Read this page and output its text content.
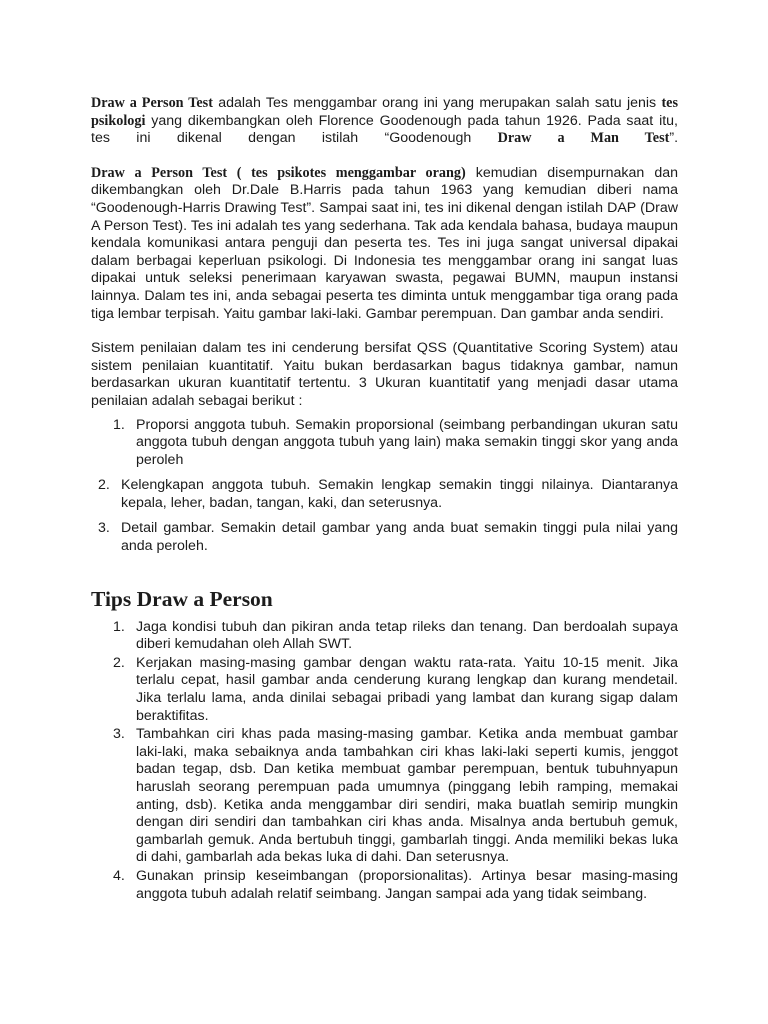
Draw a Person Test adalah Tes menggambar orang ini yang merupakan salah satu jenis tes psikologi yang dikembangkan oleh Florence Goodenough pada tahun 1926. Pada saat itu, tes ini dikenal dengan istilah “Goodenough Draw a Man Test”.

Draw a Person Test ( tes psikotes menggambar orang) kemudian disempurnakan dan dikembangkan oleh Dr.Dale B.Harris pada tahun 1963 yang kemudian diberi nama “Goodenough-Harris Drawing Test”. Sampai saat ini, tes ini dikenal dengan istilah DAP (Draw A Person Test). Tes ini adalah tes yang sederhana. Tak ada kendala bahasa, budaya maupun kendala komunikasi antara penguji dan peserta tes. Tes ini juga sangat universal dipakai dalam berbagai keperluan psikologi. Di Indonesia tes menggambar orang ini sangat luas dipakai untuk seleksi penerimaan karyawan swasta, pegawai BUMN, maupun instansi lainnya. Dalam tes ini, anda sebagai peserta tes diminta untuk menggambar tiga orang pada tiga lembar terpisah. Yaitu gambar laki-laki. Gambar perempuan. Dan gambar anda sendiri.

Sistem penilaian dalam tes ini cenderung bersifat QSS (Quantitative Scoring System) atau sistem penilaian kuantitatif. Yaitu bukan berdasarkan bagus tidaknya gambar, namun berdasarkan ukuran kuantitatif tertentu. 3 Ukuran kuantitatif yang menjadi dasar utama penilaian adalah sebagai berikut :

1. Proporsi anggota tubuh. Semakin proporsional (seimbang perbandingan ukuran satu anggota tubuh dengan anggota tubuh yang lain) maka semakin tinggi skor yang anda peroleh
2. Kelengkapan anggota tubuh. Semakin lengkap semakin tinggi nilainya. Diantaranya kepala, leher, badan, tangan, kaki, dan seterusnya.
3. Detail gambar. Semakin detail gambar yang anda buat semakin tinggi pula nilai yang anda peroleh.
Tips Draw a Person
1. Jaga kondisi tubuh dan pikiran anda tetap rileks dan tenang. Dan berdoalah supaya diberi kemudahan oleh Allah SWT.
2. Kerjakan masing-masing gambar dengan waktu rata-rata. Yaitu 10-15 menit. Jika terlalu cepat, hasil gambar anda cenderung kurang lengkap dan kurang mendetail. Jika terlalu lama, anda dinilai sebagai pribadi yang lambat dan kurang sigap dalam beraktifitas.
3. Tambahkan ciri khas pada masing-masing gambar. Ketika anda membuat gambar laki-laki, maka sebaiknya anda tambahkan ciri khas laki-laki seperti kumis, jenggot badan tegap, dsb. Dan ketika membuat gambar perempuan, bentuk tubuhnyapun haruslah seorang perempuan pada umumnya (pinggang lebih ramping, memakai anting, dsb). Ketika anda menggambar diri sendiri, maka buatlah semirip mungkin dengan diri sendiri dan tambahkan ciri khas anda. Misalnya anda bertubuh gemuk, gambarlah gemuk. Anda bertubuh tinggi, gambarlah tinggi. Anda memiliki bekas luka di dahi, gambarlah ada bekas luka di dahi. Dan seterusnya.
4. Gunakan prinsip keseimbangan (proporsionalitas). Artinya besar masing-masing anggota tubuh adalah relatif seimbang. Jangan sampai ada yang tidak seimbang.
